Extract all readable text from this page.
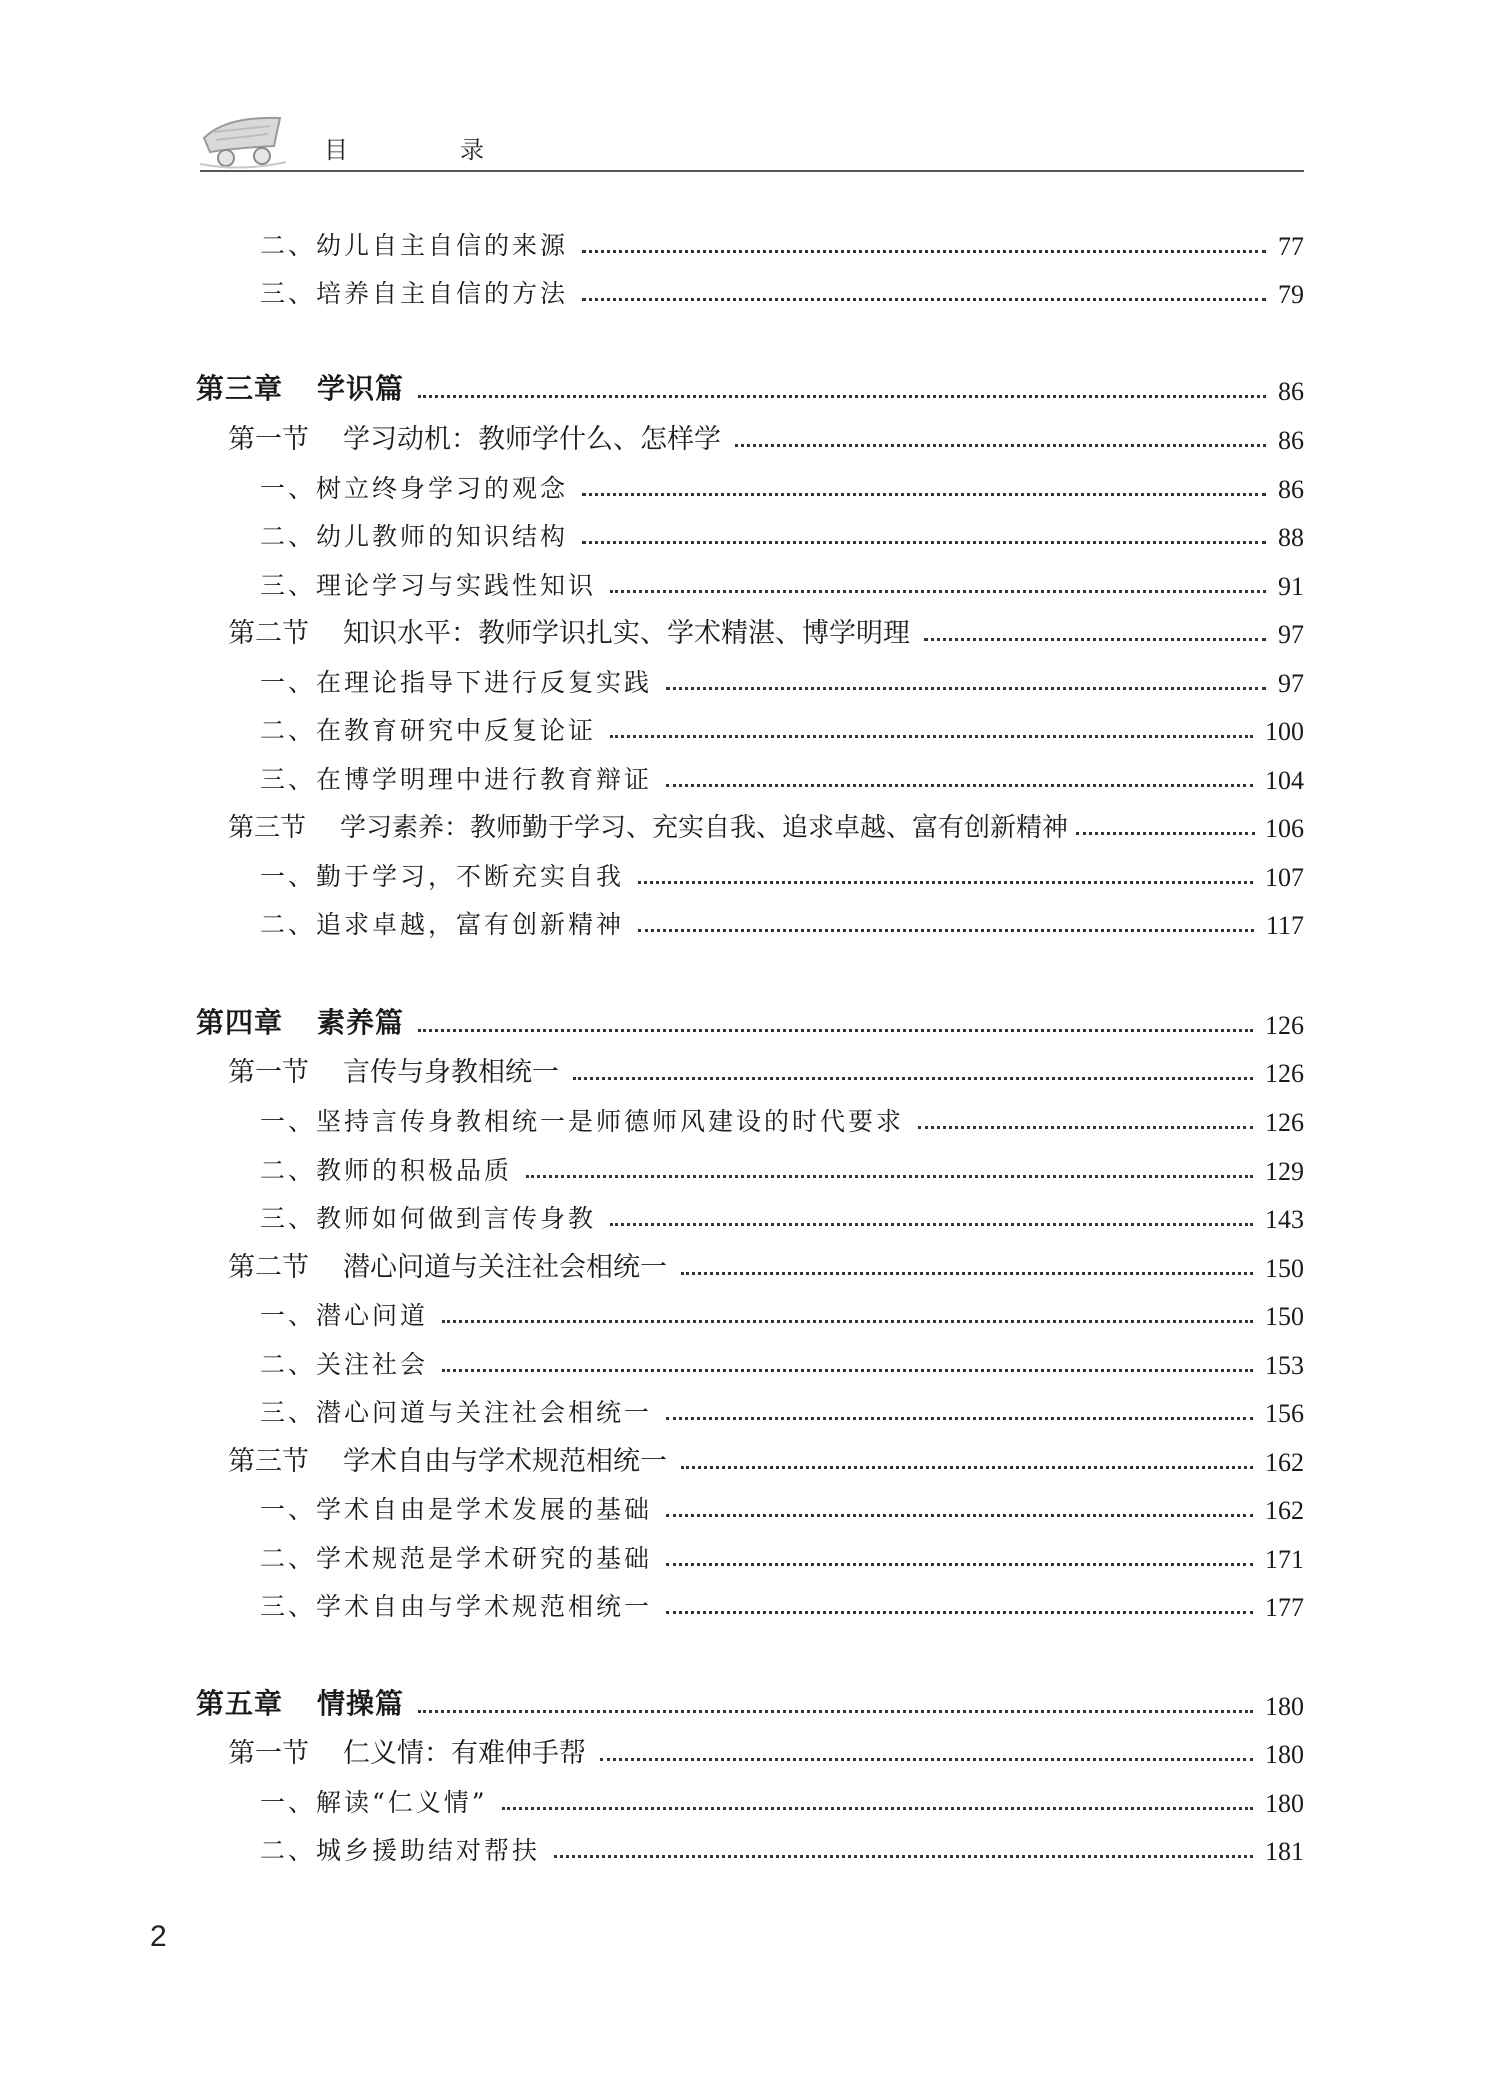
目　录
二、幼儿自主自信的来源	77
三、培养自主自信的方法	79
第三章 学识篇	86
第一节 学习动机：教师学什么、怎样学	86
一、树立终身学习的观念	86
二、幼儿教师的知识结构	88
三、理论学习与实践性知识	91
第二节 知识水平：教师学识扎实、学术精湛、博学明理	97
一、在理论指导下进行反复实践	97
二、在教育研究中反复论证	100
三、在博学明理中进行教育辩证	104
第三节 学习素养：教师勤于学习、充实自我、追求卓越、富有创新精神	106
一、勤于学习，不断充实自我	107
二、追求卓越，富有创新精神	117
第四章 素养篇	126
第一节 言传与身教相统一	126
一、坚持言传身教相统一是师德师风建设的时代要求	126
二、教师的积极品质	129
三、教师如何做到言传身教	143
第二节 潜心问道与关注社会相统一	150
一、潜心问道	150
二、关注社会	153
三、潜心问道与关注社会相统一	156
第三节 学术自由与学术规范相统一	162
一、学术自由是学术发展的基础	162
二、学术规范是学术研究的基础	171
三、学术自由与学术规范相统一	177
第五章 情操篇	180
第一节 仁义情：有难伸手帮	180
一、解读“仁义情”	180
二、城乡援助结对帮扶	181
2
